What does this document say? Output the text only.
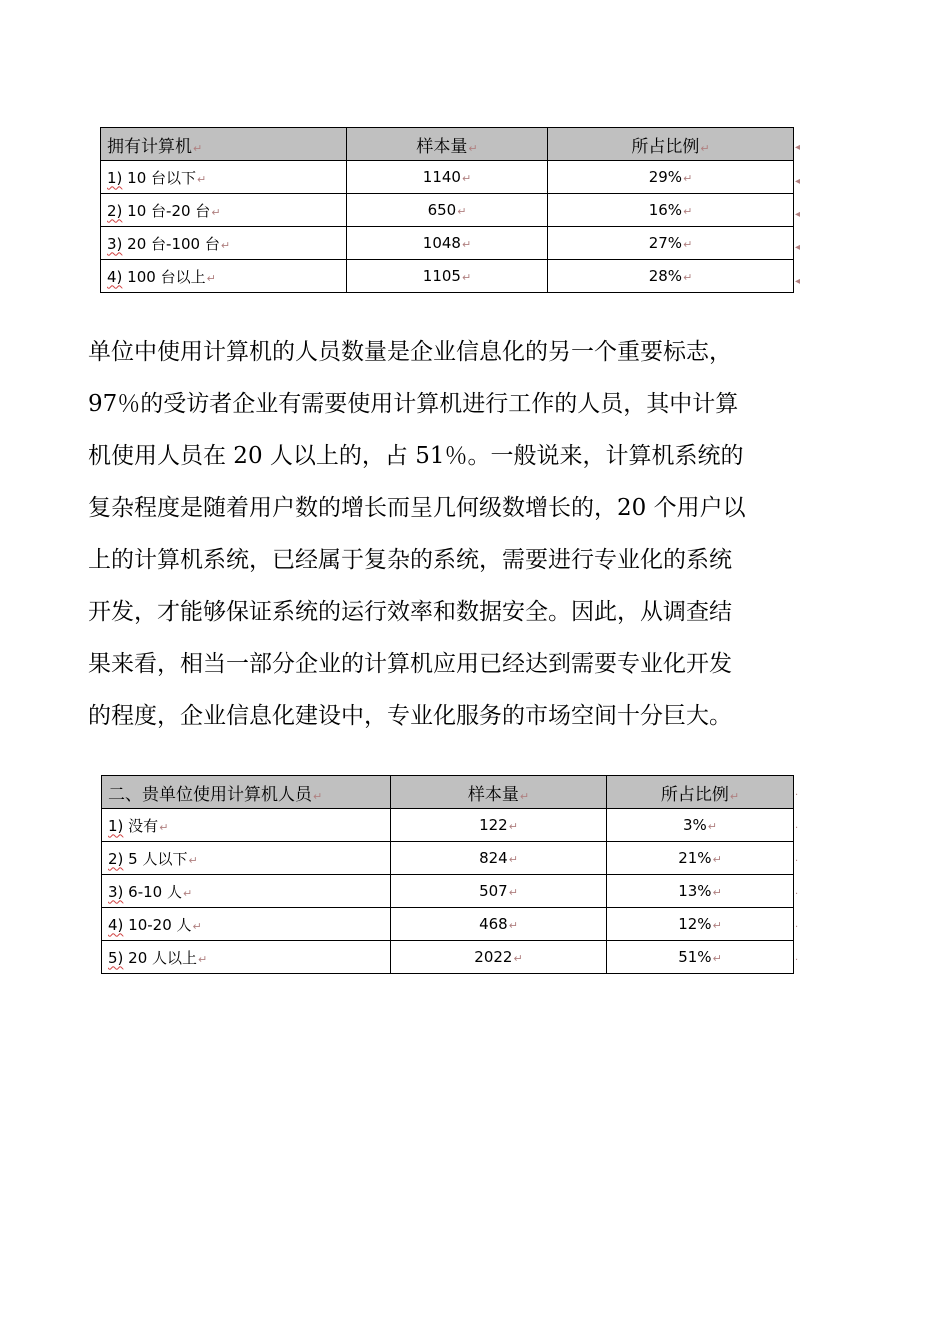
拥有计算机↵	样本量↵	所占比例↵
1) 10 台以下↵	1140↵	29%↵
2) 10 台-20 台↵	650↵	16%↵
3) 20 台-100 台↵	1048↵	27%↵
4) 100 台以上↵	1105↵	28%↵
◂
◂
◂
◂
◂
单位中使用计算机的人员数量是企业信息化的另一个重要标志，
97％的受访者企业有需要使用计算机进行工作的人员，其中计算
机使用人员在 20 人以上的，占 51％。一般说来，计算机系统的
复杂程度是随着用户数的增长而呈几何级数增长的，20 个用户以
上的计算机系统，已经属于复杂的系统，需要进行专业化的系统
开发，才能够保证系统的运行效率和数据安全。因此，从调查结
果来看，相当一部分企业的计算机应用已经达到需要专业化开发
的程度，企业信息化建设中，专业化服务的市场空间十分巨大。
二、贵单位使用计算机人员↵	样本量↵	所占比例↵
1) 没有↵	122↵	3%↵
2) 5 人以下↵	824↵	21%↵
3) 6-10 人↵	507↵	13%↵
4) 10-20 人↵	468↵	12%↵
5) 20 人以上↵	2022↵	51%↵
·
·
·
·
·
·
